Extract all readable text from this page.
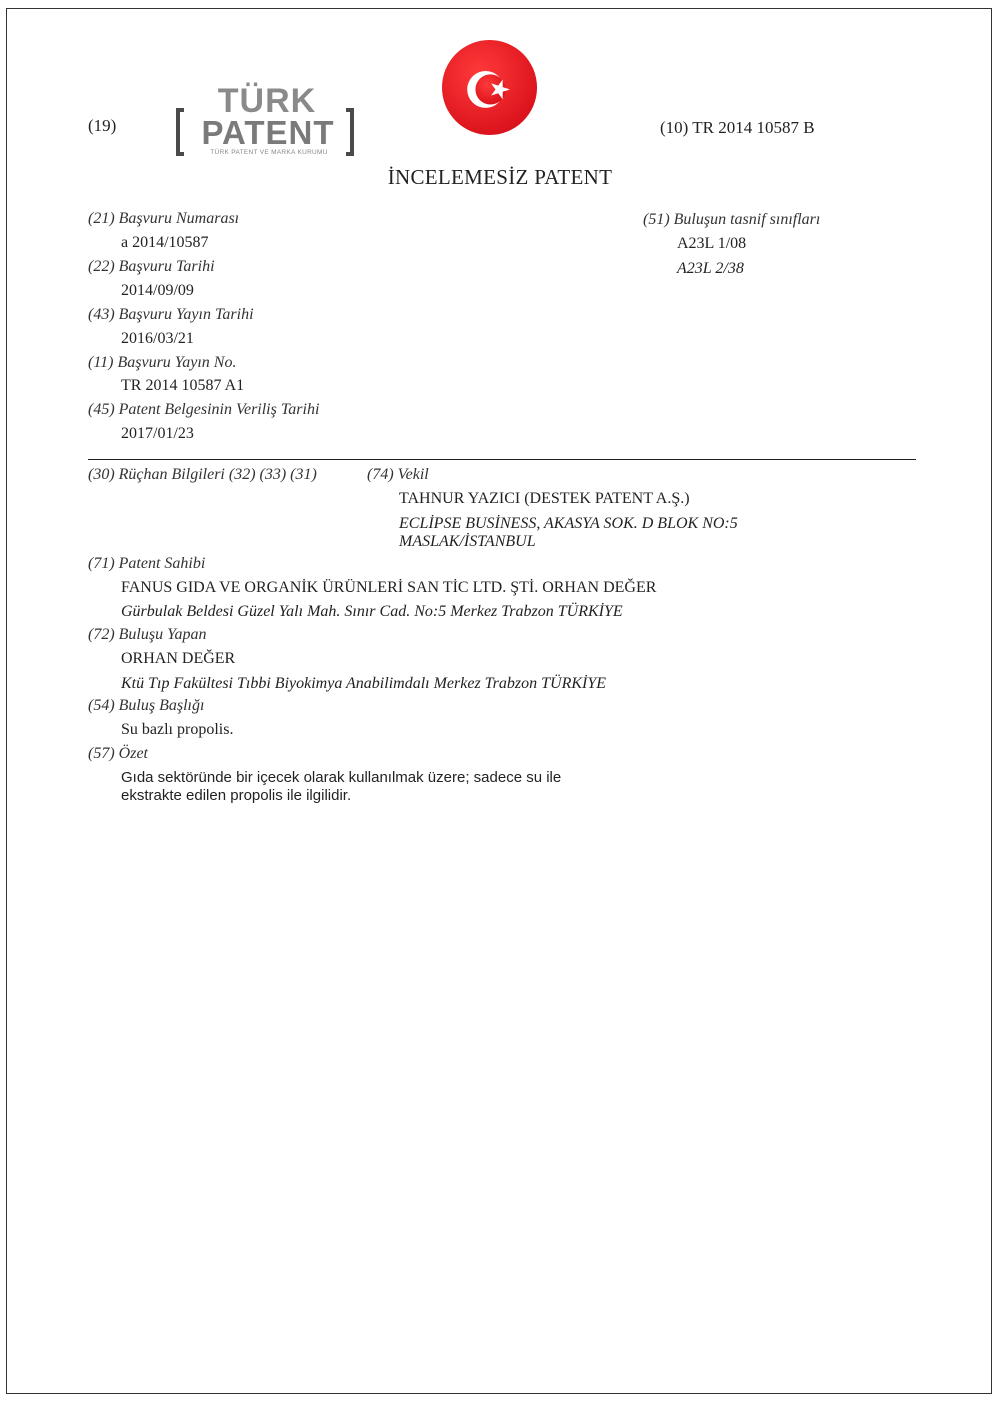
(19)
TÜRK
PATENT
TÜRK PATENT VE MARKA KURUMU
(10) TR 2014 10587 B
İNCELEMESİZ PATENT
(21) Başvuru Numarası
a 2014/10587
(22) Başvuru Tarihi
2014/09/09
(43) Başvuru Yayın Tarihi
2016/03/21
(11) Başvuru Yayın No.
TR 2014 10587 A1
(45) Patent Belgesinin Veriliş Tarihi
2017/01/23
(51) Buluşun tasnif sınıfları
A23L 1/08
A23L 2/38
(30) Rüçhan Bilgileri (32) (33) (31)	(74) Vekil
TAHNUR YAZICI (DESTEK PATENT A.Ş.)
ECLİPSE BUSİNESS, AKASYA SOK. D BLOK NO:5
MASLAK/İSTANBUL
(71) Patent Sahibi
FANUS GIDA VE ORGANİK ÜRÜNLERİ SAN TİC LTD. ŞTİ. ORHAN DEĞER
Gürbulak Beldesi Güzel Yalı Mah. Sınır Cad. No:5 Merkez Trabzon TÜRKİYE
(72) Buluşu Yapan
ORHAN DEĞER
Ktü Tıp Fakültesi Tıbbi Biyokimya Anabilimdalı Merkez Trabzon TÜRKİYE
(54) Buluş Başlığı
Su bazlı propolis.
(57) Özet
Gıda sektöründe bir içecek olarak kullanılmak üzere; sadece su ile
ekstrakte edilen propolis ile ilgilidir.
